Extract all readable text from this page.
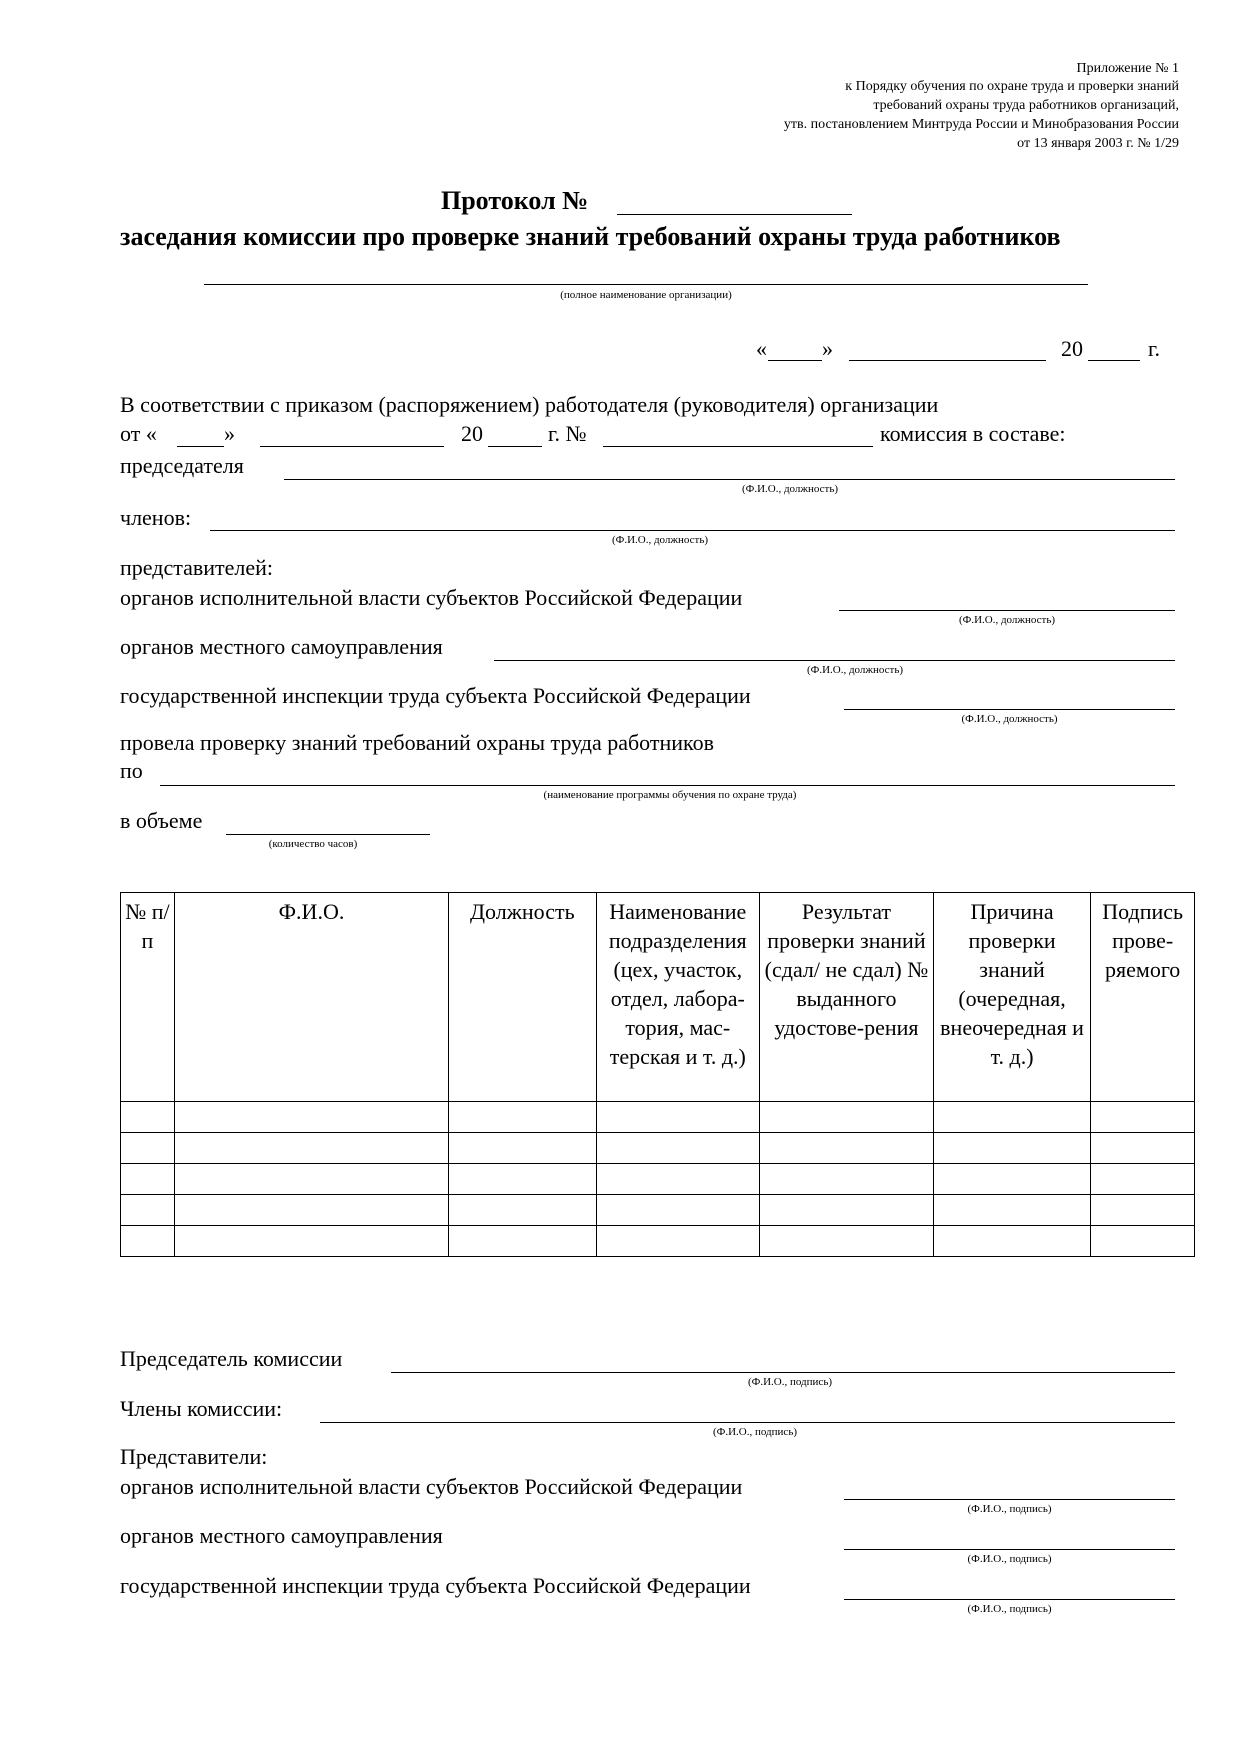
Приложение № 1
к Порядку обучения по охране труда и проверки знаний
требований охраны труда работников организаций,
утв. постановлением Минтруда России и Минобразования России
от 13 января 2003 г. № 1/29
Протокол №
заседания комиссии про проверке знаний требований охраны труда работников
(полное наименование организации)
«	»	20	г.
В соответствии с приказом (распоряжением) работодателя (руководителя) организации
от «	»	20	г. №	комиссия в составе:
председателя
(Ф.И.О., должность)
членов:
(Ф.И.О., должность)
представителей:
органов исполнительной власти субъектов Российской Федерации
(Ф.И.О., должность)
органов местного самоуправления
(Ф.И.О., должность)
государственной инспекции труда субъекта Российской Федерации
(Ф.И.О., должность)
провела проверку знаний требований охраны труда работников
по
(наименование программы обучения по охране труда)
в объеме
(количество часов)
№ п/п	Ф.И.О.	Должность	Наименование подразделения (цех, участок, отдел, лабора-тория, мас-терская и т. д.)	Результат проверки знаний (сдал/ не сдал) № выданного удостове-рения	Причина проверки знаний (очередная, внеочередная и т. д.)	Подпись прове-ряемого

Председатель комиссии
(Ф.И.О., подпись)
Члены комиссии:
(Ф.И.О., подпись)
Представители:
органов исполнительной власти субъектов Российской Федерации
(Ф.И.О., подпись)
органов местного самоуправления
(Ф.И.О., подпись)
государственной инспекции труда субъекта Российской Федерации
(Ф.И.О., подпись)
